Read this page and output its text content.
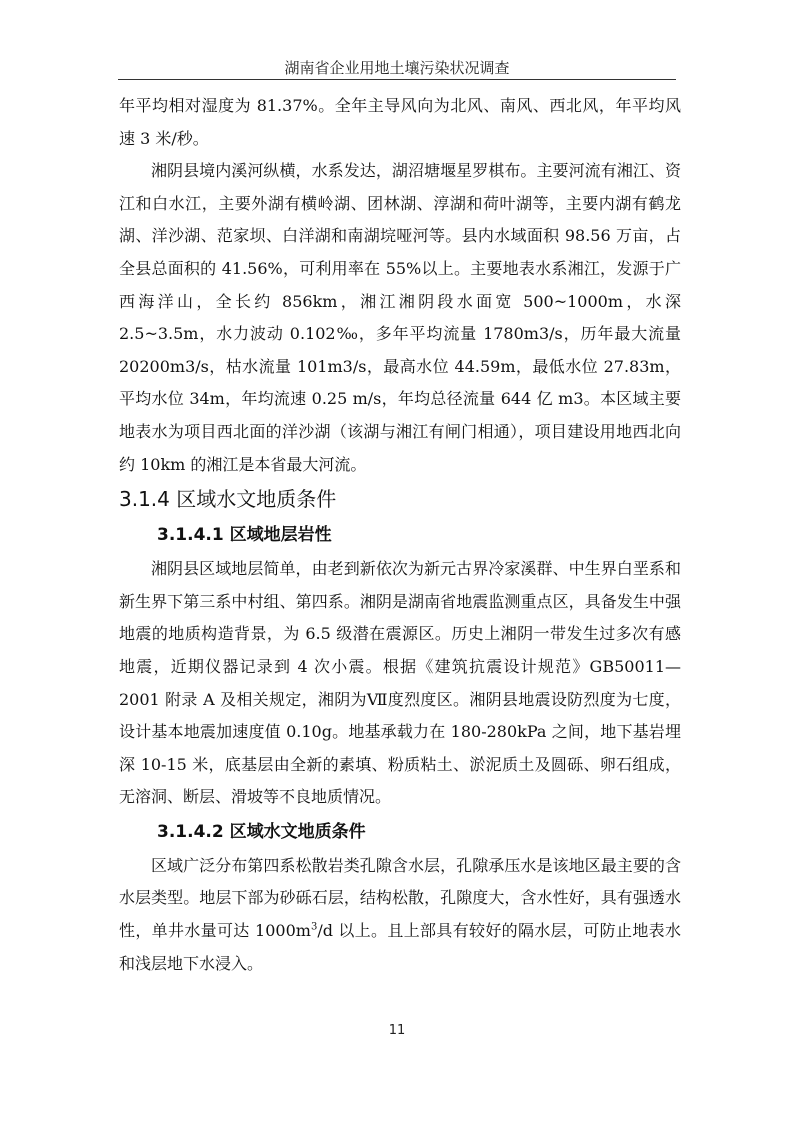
湖南省企业用地土壤污染状况调查

年平均相对湿度为 81.37%。全年主导风向为北风、南风、西北风，年平均风速 3 米/秒。

湘阴县境内溪河纵横，水系发达，湖沼塘堰星罗棋布。主要河流有湘江、资江和白水江，主要外湖有横岭湖、团林湖、淳湖和荷叶湖等，主要内湖有鹤龙湖、洋沙湖、范家坝、白洋湖和南湖垸哑河等。县内水域面积 98.56 万亩，占全县总面积的 41.56%，可利用率在 55%以上。主要地表水系湘江，发源于广西海洋山，全长约 856km，湘江湘阴段水面宽 500~1000m，水深 2.5~3.5m，水力波动 0.102‰，多年平均流量 1780m3/s，历年最大流量 20200m3/s，枯水流量 101m3/s，最高水位 44.59m，最低水位 27.83m，平均水位 34m，年均流速 0.25 m/s，年均总径流量 644 亿 m3。本区域主要地表水为项目西北面的洋沙湖（该湖与湘江有闸门相通），项目建设用地西北向约 10km 的湘江是本省最大河流。

3.1.4 区域水文地质条件
3.1.4.1 区域地层岩性

湘阴县区域地层简单，由老到新依次为新元古界冷家溪群、中生界白垩系和新生界下第三系中村组、第四系。湘阴是湖南省地震监测重点区，具备发生中强地震的地质构造背景，为 6.5 级潜在震源区。历史上湘阴一带发生过多次有感地震，近期仪器记录到 4 次小震。根据《建筑抗震设计规范》GB50011—2001 附录 A 及相关规定，湘阴为Ⅶ度烈度区。湘阴县地震设防烈度为七度，设计基本地震加速度值 0.10g。地基承载力在 180-280kPa 之间，地下基岩埋深 10-15 米，底基层由全新的素填、粉质粘土、淤泥质土及圆砾、卵石组成，无溶洞、断层、滑坡等不良地质情况。

3.1.4.2 区域水文地质条件

区域广泛分布第四系松散岩类孔隙含水层，孔隙承压水是该地区最主要的含水层类型。地层下部为砂砾石层，结构松散，孔隙度大，含水性好，具有强透水性，单井水量可达 $1000m^3/d$ 以上。且上部具有较好的隔水层，可防止地表水和浅层地下水浸入。

11
